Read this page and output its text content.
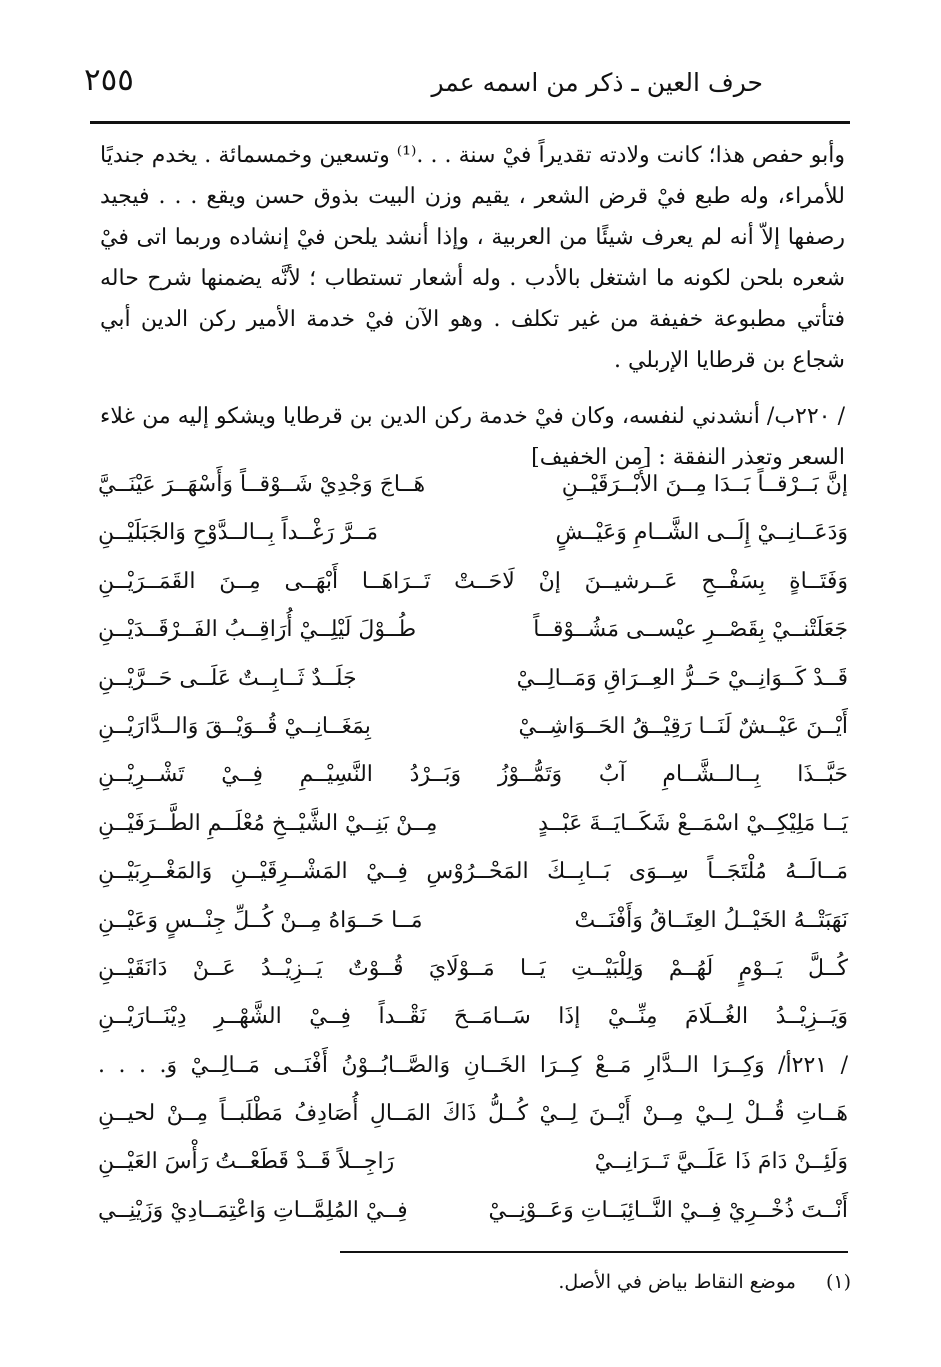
٢٥٥	حرف العين ـ ذكر من اسمه عمر

وأبو حفص هذا؛ كانت ولادته تقديراً فيْ سنة . . .⁽¹⁾ وتسعين وخمسمائة . يخدم جنديًا للأمراء، وله طبع فيْ قرض الشعر ، يقيم وزن البيت بذوق حسن ويقع . . . فيجيد رصفها إلاّ أنه لم يعرف شيئًا من العربية ، وإذا أنشد يلحن فيْ إنشاده وربما اتى فيْ شعره بلحن لكونه ما اشتغل بالأدب . وله أشعار تستطاب ؛ لأنَّه يضمنها شرح حاله فتأتي مطبوعة خفيفة من غير تكلف . وهو الآن فيْ خدمة الأمير ركن الدين أبي شجاع بن قرطايا الإربلي .

/ ٢٢٠ب/ أنشدني لنفسه، وكان فيْ خدمة ركن الدين بن قرطايا ويشكو إليه من غلاء السعر وتعذر النفقة : [من الخفيف]

إنَّ بَــرْقــاً بَــدَا مِــنَ الأَبْــرَقَيْــنِ
هَــاجَ وَجْدِيْ شَــوْقــاً وَأَسْهَــرَ عَيْنَــيَّ
وَدَعَــانِــيْ إِلَــى الشَّــامِ وَعَيْــشٍ
مَــرَّ رَغْــداً بِــالــدَّوْحِ وَالجَبَلَيْــنِ
وَفَتَــاةٍ بِسَفْــحِ عَــرشيــنَ إنْ لَاحَــتْ تَــرَاهَــا أَبْهَــى مِــنَ القَمَــرَيْــنِ
جَعَلَتْنــيْ بِقَصْــرِ عيْســى مَشُــوْقــاً
طُــوْلَ لَيْلِــيْ أُرَاقِــبُ الفَــرْقَــدَيْــنِ
قَــدْ كَــوَانِــيْ حَــرُّ العِــرَاقِ وَمَــالِــيْ
جَلَــدٌ ثَــابِــتٌ عَلَــى حَــرَّيْــنِ
أَيْــنَ عَيْــشٌ لَنَــا رَقِيْــقُ الحَــوَاشِــيْ
بِمَغَــانِــيْ قُــوَيْــقَ وَالــدَّارَيْــنِ
حَبَّــذَا بِــالــشَّــامِ آبٌ وَتَمُّــوْزُ وَبَــرْدُ النَّسِيْــمِ فِــيْ تَشْــرِيْــنِ
يَــا مَلِيْكِــيْ اسْمَــعْ شَكَــايَــةَ عَبْــدٍ
مِــنْ بَنِــيْ الشَّيْــخِ مُعْلَــمِ الطَّــرَفَيْــنِ
مَــالَــهُ مُلْتَجَــاً سِــوَى بَــابِــكَ المَحْــرُوْسِ فِــيْ المَشْــرِقَيْــنِ وَالمَغْــرِبَيْــنِ
نَهَبَتْــهُ الخَيْــلُ العِتَــاقُ وَأَفْنَــتْ
مَــا حَــوَاهُ مِــنْ كُــلِّ جِنْــسٍ وَعَيْــنِ
كُــلَّ يَــوْمٍ لَهُــمْ وَلِلْبَيْــتِ يَــا مَــوْلَايَ قُــوْتٌ يَــزِيْــدُ عَــنْ دَانَقَيْــنِ
وَيَــزِيْــدُ الغُــلَامَ مِنِّــيْ إذَا سَــامَــحَ نَقْــداً فِــيْ الشَّهْــرِ دِيْنَــارَيْــنِ
/ ٢٢١أ/ وَكِــرَا الــدَّارِ مَــعْ كِــرَا الخَــانِ وَالصَّــابُــوْنُ أَفْنَــى مَــالِــيْ وَ. . . .
هَــاتِ قُــلْ لِــيْ مِــنْ أَيْــنَ لِــيْ كُــلُّ ذَاكَ المَــالِ أُصَادِفُ مَطْلَبــاً مِــنْ لحيــنِ
وَلَئِــنْ دَامَ ذَا عَلَــيَّ تَــرَانِــيْ
رَاجِــلاً قَــدْ قَطَعْــتُ رَأْسَ العَيْــنِ
أَنْــتَ ذُخْــرِيْ فِــيْ النَّــائِبَــاتِ وَعَــوْنِــيْ
فِــيْ المُلِمَّــاتِ وَاعْتِمَــادِيْ وَزَيْنِــي
(١) موضع النقاط بياض في الأصل.
